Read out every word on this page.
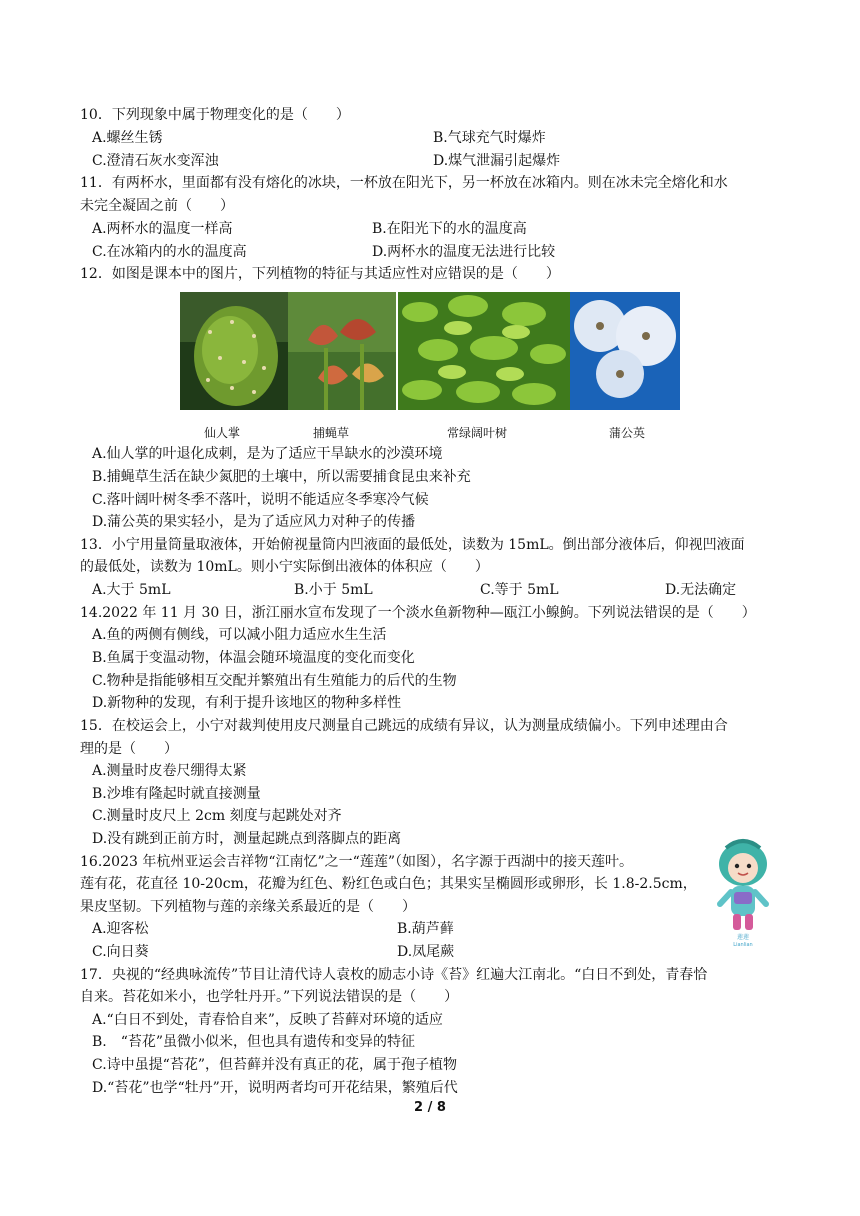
10．下列现象中属于物理变化的是（　　）
A.螺丝生锈	B.气球充气时爆炸
C.澄清石灰水变浑浊	D.煤气泄漏引起爆炸
11．有两杯水，里面都有没有熔化的冰块，一杯放在阳光下，另一杯放在冰箱内。则在冰未完全熔化和水
未完全凝固之前（　　）
A.两杯水的温度一样高	B.在阳光下的水的温度高
C.在冰箱内的水的温度高	D.两杯水的温度无法进行比较
12．如图是课本中的图片，下列植物的特征与其适应性对应错误的是（　　）
仙人掌	捕蝇草	常绿阔叶树	蒲公英
A.仙人掌的叶退化成刺，是为了适应干旱缺水的沙漠环境
B.捕蝇草生活在缺少氮肥的土壤中，所以需要捕食昆虫来补充
C.落叶阔叶树冬季不落叶，说明不能适应冬季寒冷气候
D.蒲公英的果实轻小，是为了适应风力对种子的传播
13．小宁用量筒量取液体，开始俯视量筒内凹液面的最低处，读数为 15mL。倒出部分液体后，仰视凹液面
的最低处，读数为 10mL。则小宁实际倒出液体的体积应（　　）
A.大于 5mL	B.小于 5mL	C.等于 5mL	D.无法确定
14.2022 年 11 月 30 日，浙江丽水宣布发现了一个淡水鱼新物种—瓯江小鳈鮈。下列说法错误的是（　　）
A.鱼的两侧有侧线，可以减小阻力适应水生生活
B.鱼属于变温动物，体温会随环境温度的变化而变化
C.物种是指能够相互交配并繁殖出有生殖能力的后代的生物
D.新物种的发现，有利于提升该地区的物种多样性
15．在校运会上，小宁对裁判使用皮尺测量自己跳远的成绩有异议，认为测量成绩偏小。下列申述理由合
理的是（　　）
A.测量时皮卷尺绷得太紧
B.沙堆有隆起时就直接测量
C.测量时皮尺上 2cm 刻度与起跳处对齐
D.没有跳到正前方时，测量起跳点到落脚点的距离
16.2023 年杭州亚运会吉祥物“江南忆”之一“莲莲”（如图），名字源于西湖中的接天莲叶。
莲有花，花直径 10-20cm，花瓣为红色、粉红色或白色；其果实呈椭圆形或卵形，长 1.8-2.5cm，
果皮坚韧。下列植物与莲的亲缘关系最近的是（　　）
A.迎客松	B.葫芦藓
C.向日葵	D.凤尾蕨
莲莲
Lianlian
17．央视的“经典咏流传”节目让清代诗人袁枚的励志小诗《苔》红遍大江南北。“白日不到处，青春恰
自来。苔花如米小，也学牡丹开。”下列说法错误的是（　　）
A.“白日不到处，青春恰自来”，反映了苔藓对环境的适应
B.　“苔花”虽微小似米，但也具有遗传和变异的特征
C.诗中虽提“苔花”，但苔藓并没有真正的花，属于孢子植物
D.“苔花”也学“牡丹”开，说明两者均可开花结果，繁殖后代
2 / 8
